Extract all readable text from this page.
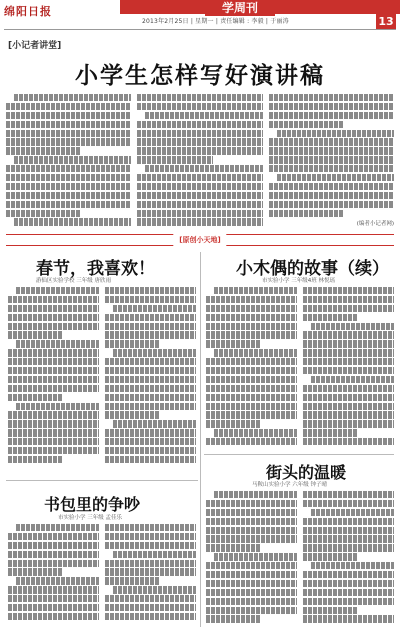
绵阳日报	学周刊
13
2013年2月25日 | 星期一 | 责任编辑 : 李毅 | 于丽涛
[小记者讲堂]
小学生怎样写好演讲稿
(编者小记者网)
[原创小天地]
春节，我喜欢！
游仙区实验学校 三年级 唐欣雨
小木偶的故事（续）
市实验小学 三年级4班 林悦瑶
书包里的争吵
市实验小学 三年级 孟佳乐
街头的温暖
马鞍山实验小学 六年级 钟子晴
